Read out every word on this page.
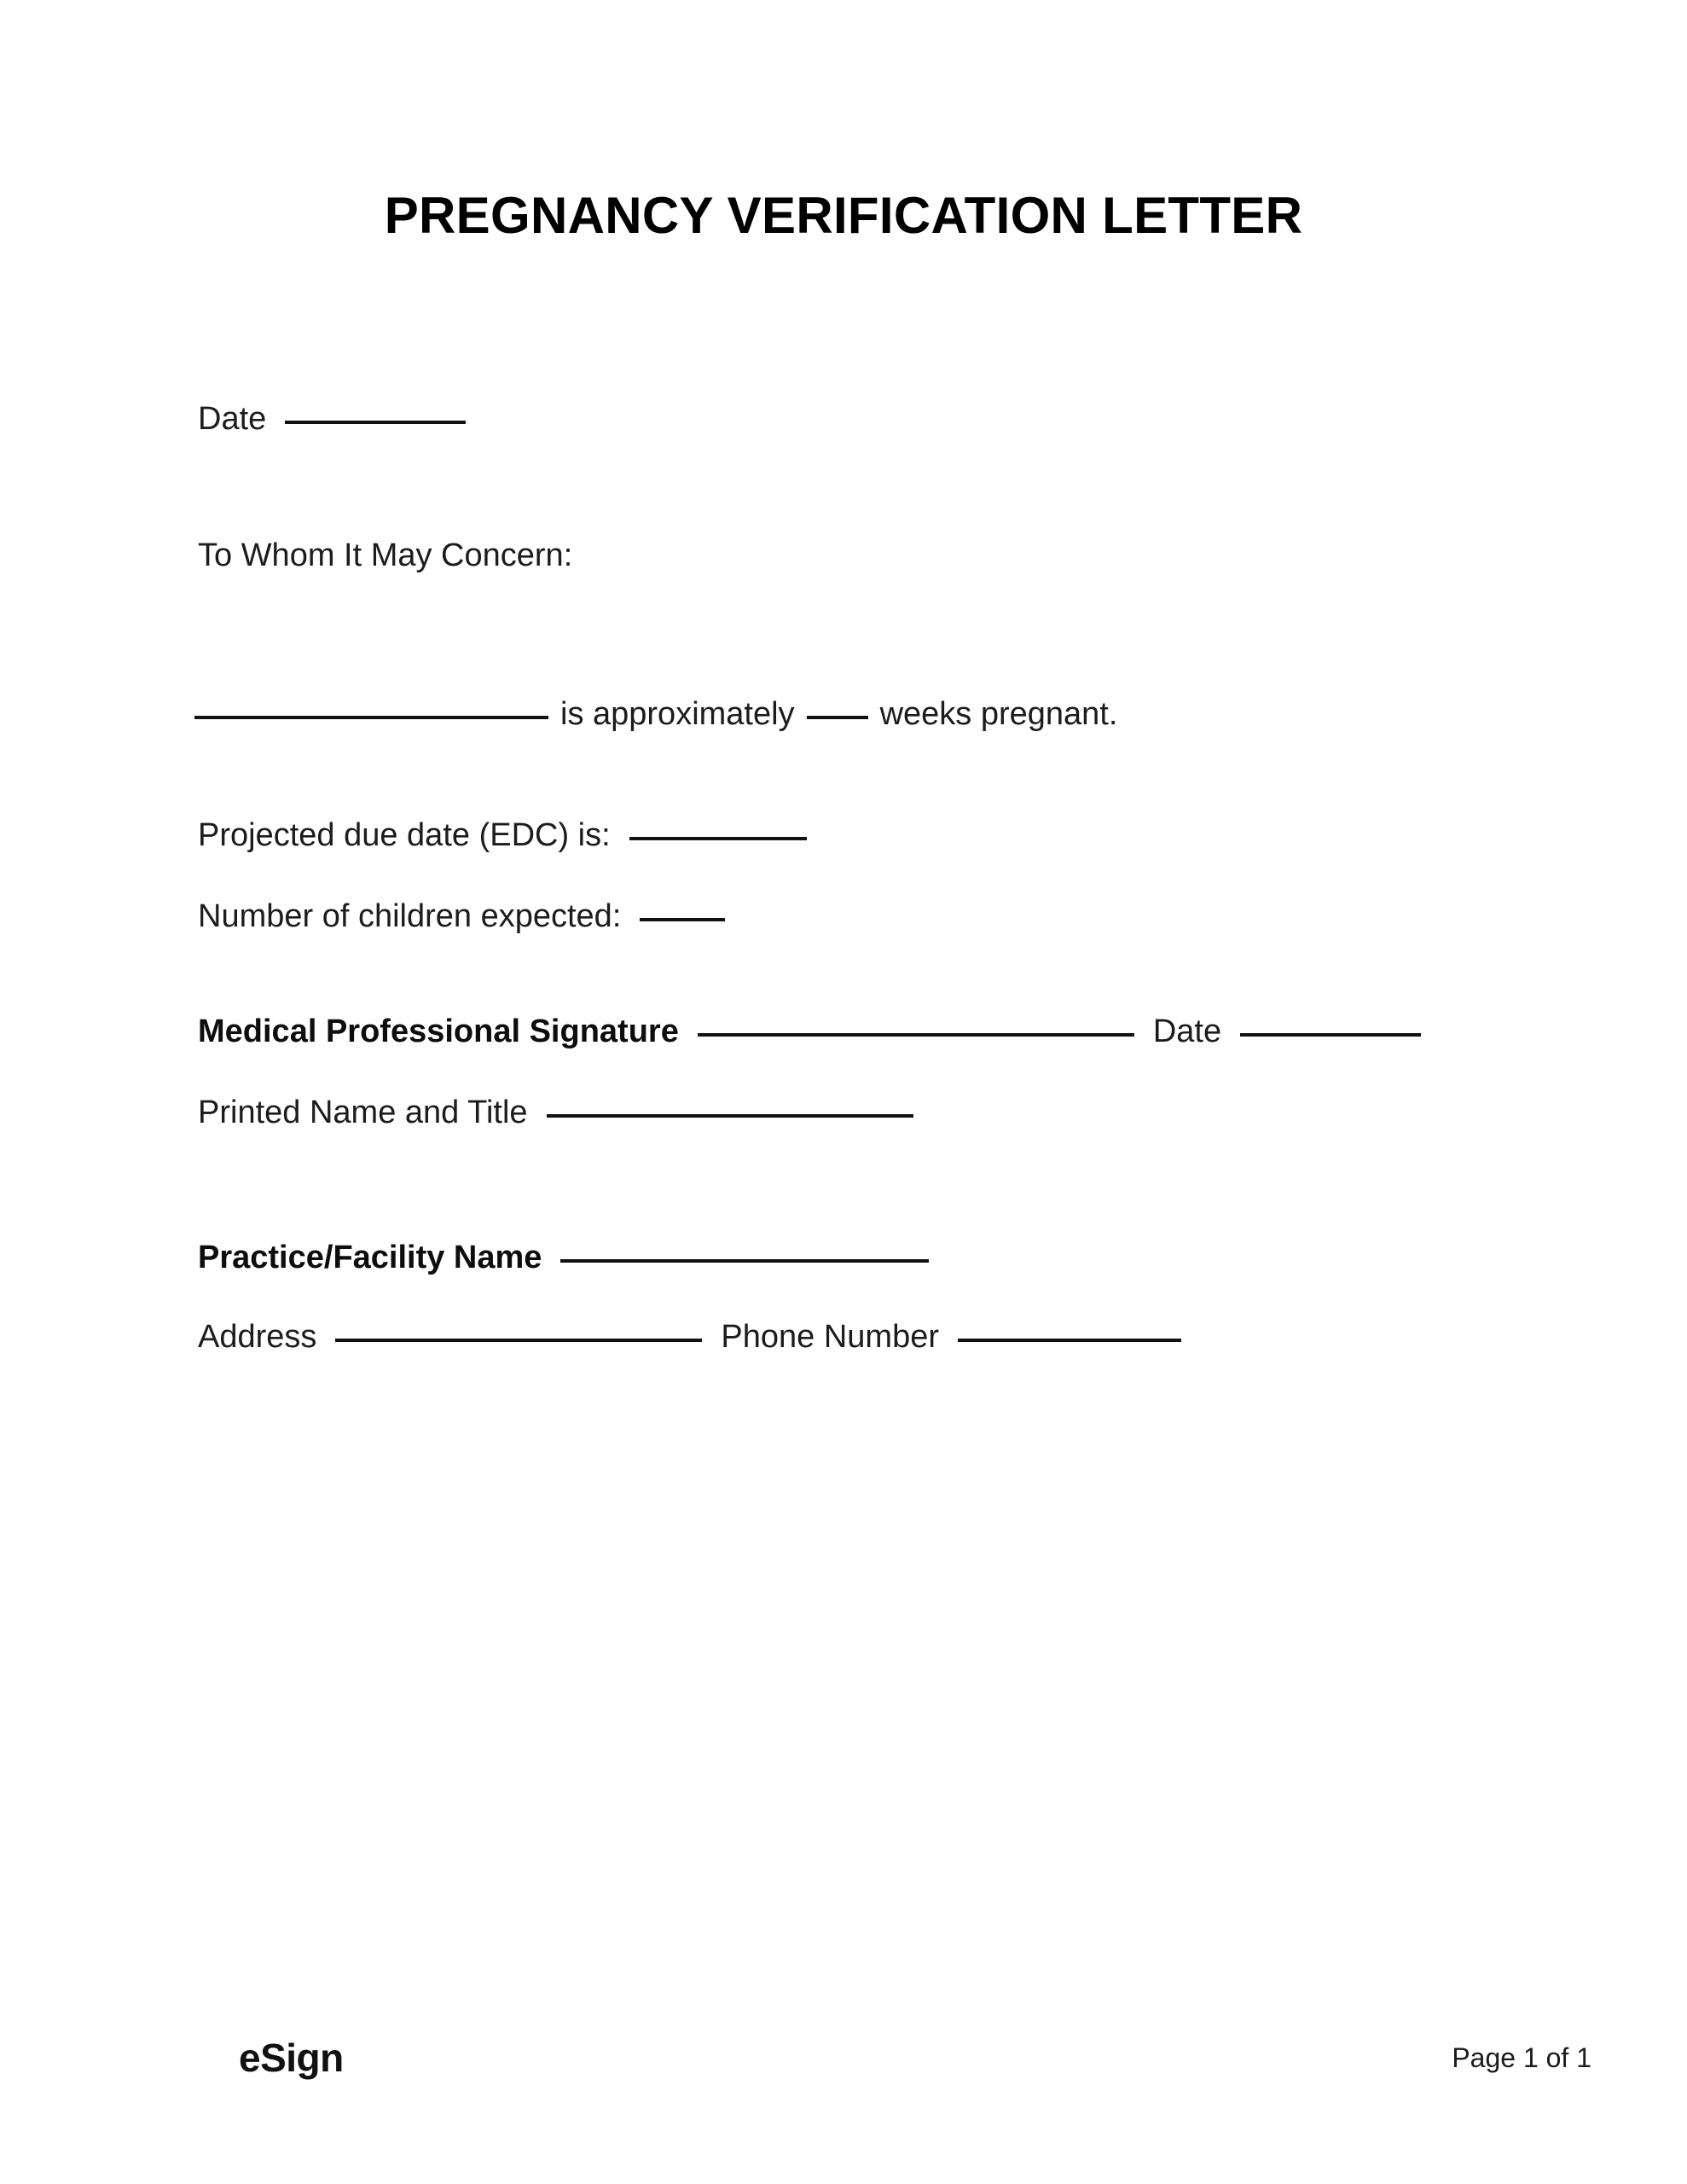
PREGNANCY VERIFICATION LETTER
Date
To Whom It May Concern:
is approximately	weeks pregnant.
Projected due date (EDC) is:
Number of children expected:
Medical Professional Signature	Date
Printed Name and Title
Practice/Facility Name
Address	Phone Number
eSign	Page 1 of 1
